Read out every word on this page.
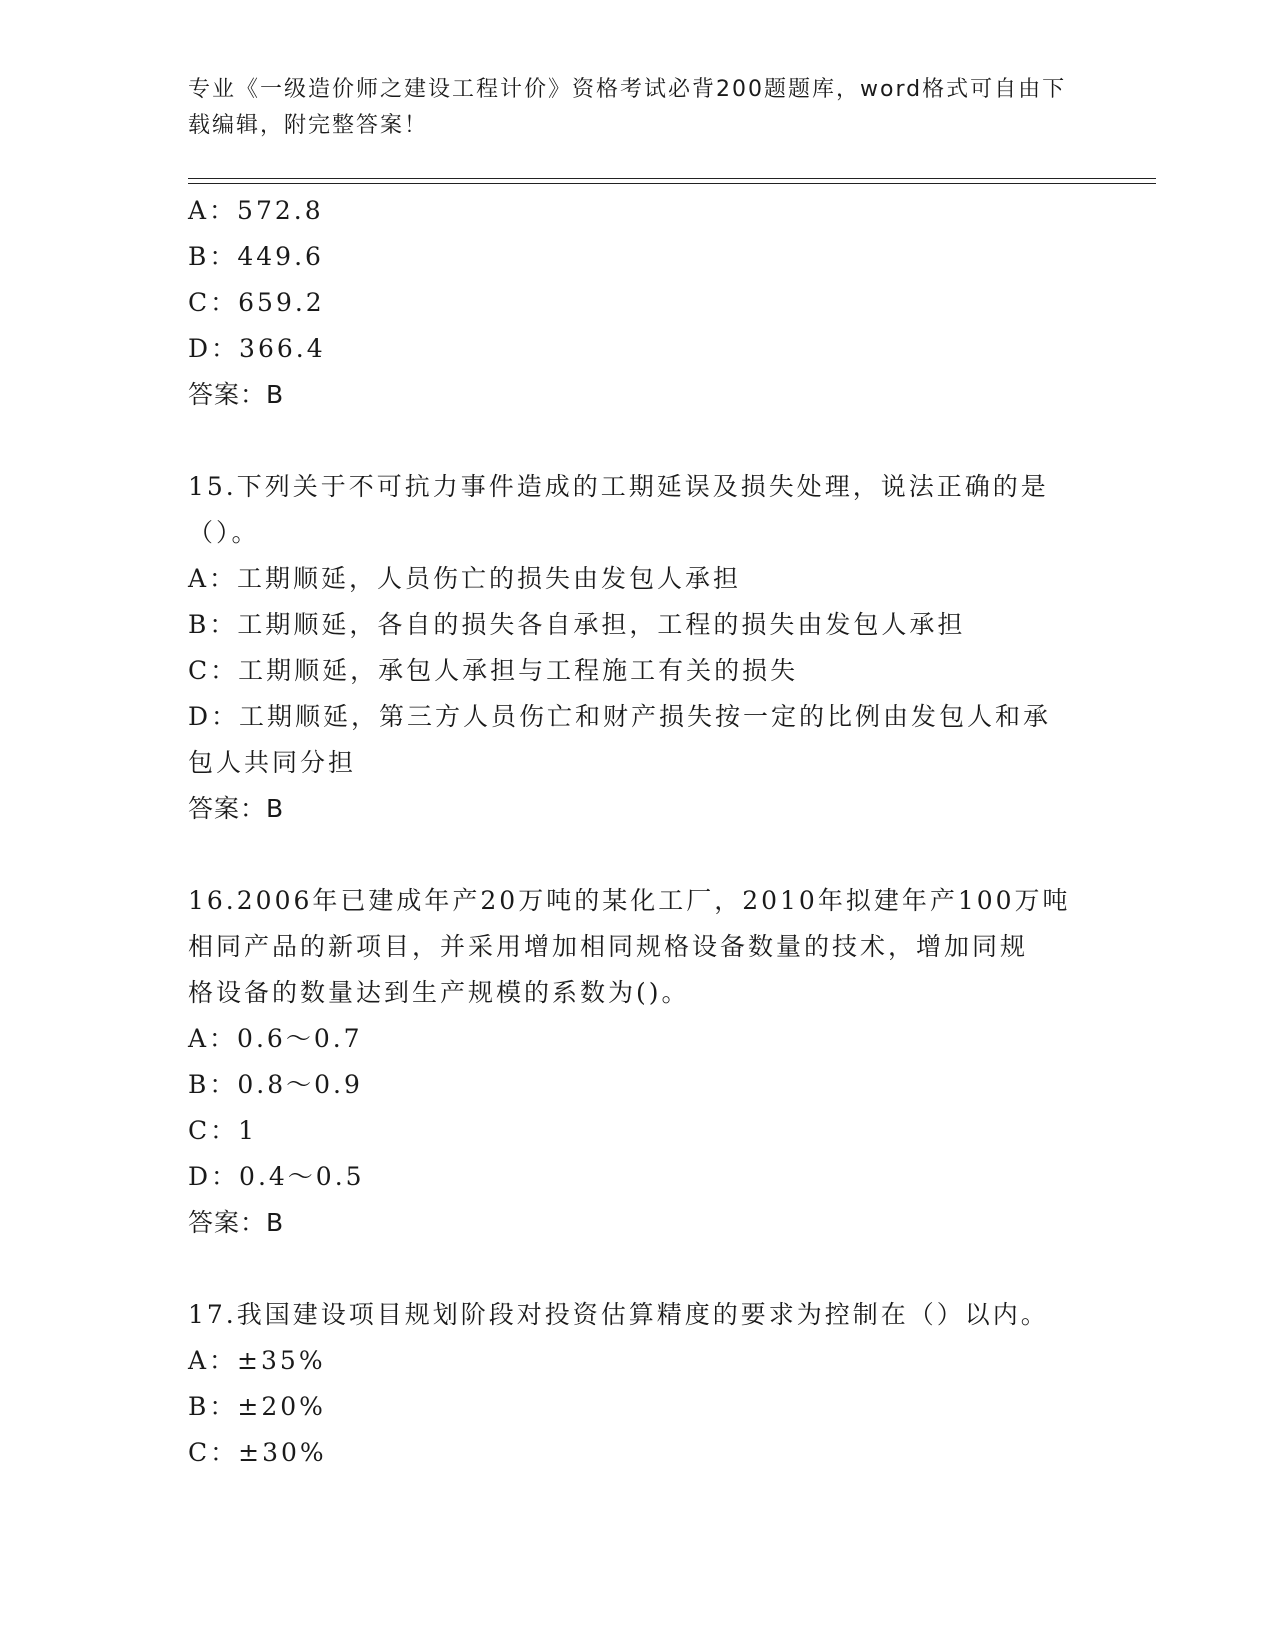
专业《一级造价师之建设工程计价》资格考试必背200题题库，word格式可自由下载编辑，附完整答案！
A：572.8
B：449.6
C：659.2
D：366.4
答案：B
15.下列关于不可抗力事件造成的工期延误及损失处理，说法正确的是
（）。
A：工期顺延，人员伤亡的损失由发包人承担
B：工期顺延，各自的损失各自承担，工程的损失由发包人承担
C：工期顺延，承包人承担与工程施工有关的损失
D：工期顺延，第三方人员伤亡和财产损失按一定的比例由发包人和承
包人共同分担
答案：B
16.2006年已建成年产20万吨的某化工厂，2010年拟建年产100万吨
相同产品的新项目，并采用增加相同规格设备数量的技术，增加同规
格设备的数量达到生产规模的系数为()。
A：0.6～0.7
B：0.8～0.9
C：1
D：0.4～0.5
答案：B
17.我国建设项目规划阶段对投资估算精度的要求为控制在（）以内。
A：±35%
B：±20%
C：±30%
